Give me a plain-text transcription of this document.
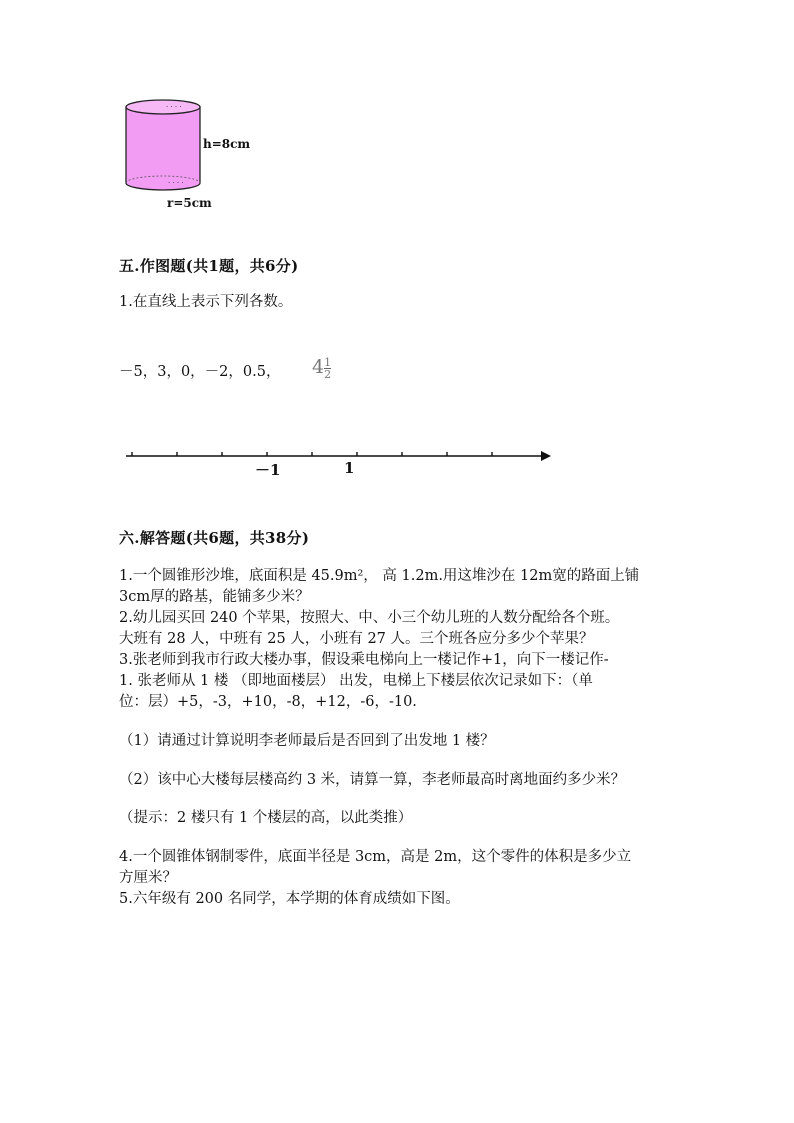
· · · ·
· · · ·
h=8cm
r=5cm
五.作图题(共1题，共6分)
1.在直线上表示下列各数。
－5，3，0，－2，0.5， $4\frac{1}{2}$
－1	1
六.解答题(共6题，共38分)
1.一个圆锥形沙堆，底面积是 45.9m²， 高 1.2m.用这堆沙在 12m宽的路面上铺
3cm厚的路基，能铺多少米？
2.幼儿园买回 240 个苹果，按照大、中、小三个幼儿班的人数分配给各个班。
大班有 28 人，中班有 25 人，小班有 27 人。三个班各应分多少个苹果？
3.张老师到我市行政大楼办事，假设乘电梯向上一楼记作+1，向下一楼记作-
1. 张老师从 1 楼 （即地面楼层） 出发，电梯上下楼层依次记录如下：（单
位：层）+5，-3，+10，-8，+12，-6，-10.
（1）请通过计算说明李老师最后是否回到了出发地 1 楼？
（2）该中心大楼每层楼高约 3 米，请算一算，李老师最高时离地面约多少米？
（提示：2 楼只有 1 个楼层的高，以此类推）
4.一个圆锥体钢制零件，底面半径是 3cm，高是 2m，这个零件的体积是多少立
方厘米？
5.六年级有 200 名同学，本学期的体育成绩如下图。
